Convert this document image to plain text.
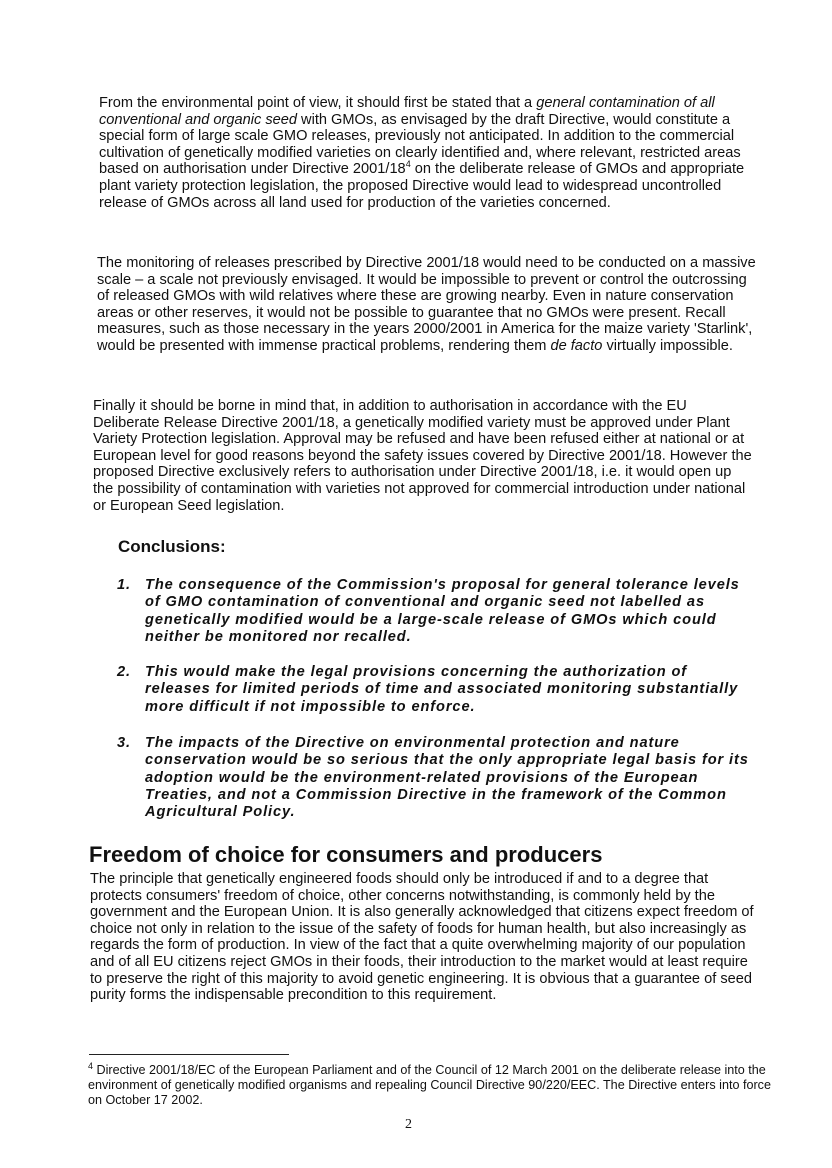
From the environmental point of view, it should first be stated that a general contamination of all conventional and organic seed with GMOs, as envisaged by the draft Directive, would constitute a special form of large scale GMO releases, previously not anticipated. In addition to the commercial cultivation of genetically modified varieties on clearly identified and, where relevant, restricted areas based on authorisation under Directive 2001/18$^4$ on the deliberate release of GMOs and appropriate plant variety protection legislation, the proposed Directive would lead to widespread uncontrolled release of GMOs across all land used for production of the varieties concerned.

The monitoring of releases prescribed by Directive 2001/18 would need to be conducted on a massive scale – a scale not previously envisaged. It would be impossible to prevent or control the outcrossing of released GMOs with wild relatives where these are growing nearby. Even in nature conservation areas or other reserves, it would not be possible to guarantee that no GMOs were present. Recall measures, such as those necessary in the years 2000/2001 in America for the maize variety 'Starlink', would be presented with immense practical problems, rendering them de facto virtually impossible.

Finally it should be borne in mind that, in addition to authorisation in accordance with the EU Deliberate Release Directive 2001/18, a genetically modified variety must be approved under Plant Variety Protection legislation. Approval may be refused and have been refused either at national or at European level for good reasons beyond the safety issues covered by Directive 2001/18. However the proposed Directive exclusively refers to authorisation under Directive 2001/18, i.e. it would open up the possibility of contamination with varieties not approved for commercial introduction under national or European Seed legislation.

Conclusions:
1. The consequence of the Commission's proposal for general tolerance levels of GMO contamination of conventional and organic seed not labelled as genetically modified would be a large-scale release of GMOs which could neither be monitored nor recalled.
2. This would make the legal provisions concerning the authorization of releases for limited periods of time and associated monitoring substantially more difficult if not impossible to enforce.
3. The impacts of the Directive on environmental protection and nature conservation would be so serious that the only appropriate legal basis for its adoption would be the environment-related provisions of the European Treaties, and not a Commission Directive in the framework of the Common Agricultural Policy.
Freedom of choice for consumers and producers

The principle that genetically engineered foods should only be introduced if and to a degree that protects consumers' freedom of choice, other concerns notwithstanding, is commonly held by the government and the European Union. It is also generally acknowledged that citizens expect freedom of choice not only in relation to the issue of the safety of foods for human health, but also increasingly as regards the form of production. In view of the fact that a quite overwhelming majority of our population and of all EU citizens reject GMOs in their foods, their introduction to the market would at least require to preserve the right of this majority to avoid genetic engineering. It is obvious that a guarantee of seed purity forms the indispensable precondition to this requirement.

$^4$ Directive 2001/18/EC of the European Parliament and of the Council of 12 March 2001 on the deliberate release into the environment of genetically modified organisms and repealing Council Directive 90/220/EEC. The Directive enters into force on October 17 2002.

2
